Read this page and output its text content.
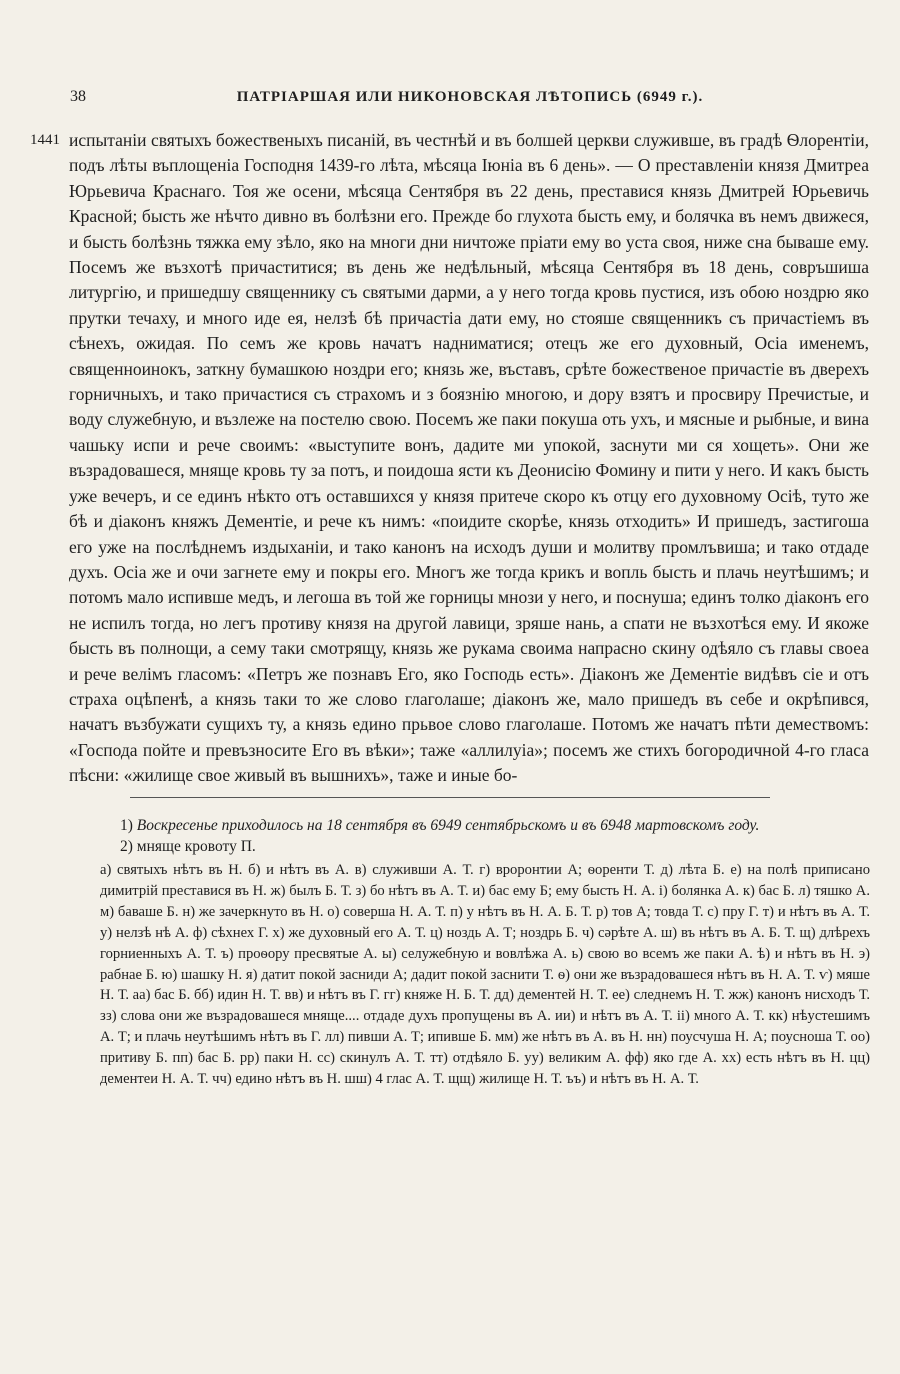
38	ПАТРІАРШАЯ ИЛИ НИКОНОВСКАЯ ЛѢТОПИСЬ (6949 г.).
1441 испытаніи святыхъ божественыхъ писаній, въ честнѣй и въ болшей церкви служивше, въ градѣ Ѳлорентіи, подъ лѣты въплощеніа Господня 1439-го лѣта, мѣсяца Іюніа въ 6 день». — О преставленіи князя Дмитреа Юрьевича Краснаго. Тоя же осени, мѣсяца Сентября въ 22 день, преставися князь Дмитрей Юрьевичь Красной; бысть же нѣчто дивно въ болѣзни его. Прежде бо глухота бысть ему, и болячка въ немъ движеся, и бысть болѣзнь тяжка ему зѣло, яко на многи дни ничтоже пріати ему во уста своя, ниже сна бываше ему. Посемъ же възхотѣ причаститися; въ день же недѣльный, мѣсяца Сентября въ 18 день, совръшиша литургію, и пришедшу священнику съ святыми дарми, а у него тогда кровь пустися, изъ обою ноздрю яко прутки течаху, и много иде ея, нелзѣ бѣ причастіа дати ему, но стояше священникъ съ причастіемъ въ сѣнехъ, ожидая. По семъ же кровь начатъ надниматися; отецъ же его духовный, Осіа именемъ, священноинокъ, заткну бумашкою ноздри его; князь же, въставъ, срѣте божественое причастіе въ дверехъ горничныхъ, и тако причастися съ страхомъ и з боязнію многою, и дору взятъ и просвиру Пречистые, и воду служебную, и възлеже на постелю свою. Посемъ же паки покуша оть ухъ, и мясные и рыбные, и вина чашьку испи и рече своимъ: «выступите вонъ, дадите ми упокой, заснути ми ся хощеть». Они же възрадовашеся, мняще кровь ту за потъ, и поидоша ясти къ Деонисію Фомину и пити у него. И какъ бысть уже вечеръ, и се единъ нѣкто отъ оставшихся у князя притече скоро къ отцу его духовному Осіѣ, туто же бѣ и діаконъ княжъ Дементіе, и рече къ нимъ: «поидите скорѣе, князь отходить» И пришедъ, застигоша его уже на послѣднемъ издыханіи, и тако канонъ на исходъ души и молитву промлъвиша; и тако отдаде духъ. Осіа же и очи загнете ему и покры его. Многъ же тогда крикъ и вопль бысть и плачь неутѣшимъ; и потомъ мало испивше медъ, и легоша въ той же горницы мнози у него, и поснуша; единъ толко діаконъ его не испилъ тогда, но легъ противу князя на другой лавици, зряше нань, а спати не възхотѣся ему. И якоже бысть въ полнощи, а сему таки смотрящу, князь же рукама своима напрасно скину одѣяло съ главы своеа и рече велімъ гласомъ: «Петръ же познавъ Его, яко Господь есть». Діаконъ же Дементіе видѣвъ сіе и отъ страха оцѣпенѣ, а князь таки то же слово глаголаше; діаконъ же, мало пришедъ въ себе и окрѣпився, начатъ възбужати сущихъ ту, а князь едино прьвое слово глаголаше. Потомъ же начатъ пѣти демествомъ: «Господа пойте и превъзносите Его въ вѣки»; таже «аллилуіа»; посемъ же стихъ богородичной 4-го гласа пѣсни: «жилище свое живый въ вышнихъ», таже и иные бо-

1) Воскресенье приходилось на 18 сентября въ 6949 сентябрьскомъ и въ 6948 мартовскомъ году.
2) мняще кровоту П.

а) святыхъ нѣтъ въ Н. б) и нѣтъ въ А. в) служивши А. Т. г) вроронтии А; ѳоренти Т. д) лѣта Б. е) на полѣ приписано димитрій преставися въ Н. ж) былъ Б. Т. з) бо нѣтъ въ А. Т. и) бас ему Б; ему бысть Н. А. і) болянка А. к) бас Б. л) тяшко А. м) баваше Б. н) же зачеркнуто въ Н. о) соверша Н. А. Т. п) у нѣтъ въ Н. А. Б. Т. р) тов А; товда Т. с) пру Г. т) и нѣтъ въ А. Т. у) нелзѣ нѣ А. ф) сѣхнех Г. х) же духовный его А. Т. ц) ноздь А. Т; ноздрь Б. ч) сәрѣте А. ш) въ нѣтъ въ А. Б. Т. щ) длѣрехъ горниенныхъ А. Т. ъ) проѳору пресвятые А. ы) селужебную и вовлѣжа А. ь) свою во всемъ же паки А. ѣ) и нѣтъ въ Н. э) рабнае Б. ю) шашку Н. я) датит покой засниди А; дадит покой заснити Т. ѳ) они же възрадовашеся нѣтъ въ Н. А. Т. ѵ) мяше Н. Т. аа) бас Б. бб) идин Н. Т. вв) и нѣтъ въ Г. гг) княже Н. Б. Т. дд) дементей Н. Т. ее) следнемъ Н. Т. жж) канонъ нисходъ Т. зз) слова они же възрадовашеся мняще.... отдаде духъ пропущены въ А. ии) и нѣтъ въ А. Т. іі) много А. Т. кк) нѣустешимъ А. Т; и плачь неутѣшимъ нѣтъ въ Г. лл) пивши А. Т; ипивше Б. мм) же нѣтъ въ А. въ Н. нн) поусчуша Н. А; поусноша Т. оо) притиву Б. пп) бас Б. рр) паки Н. сс) скинулъ А. Т. тт) отдѣяло Б. уу) великим А. фф) яко где А. хх) есть нѣтъ въ Н. цц) дементеи Н. А. Т. чч) едино нѣтъ въ Н. шш) 4 глас А. Т. щщ) жилище Н. Т. ъъ) и нѣтъ въ Н. А. Т.
